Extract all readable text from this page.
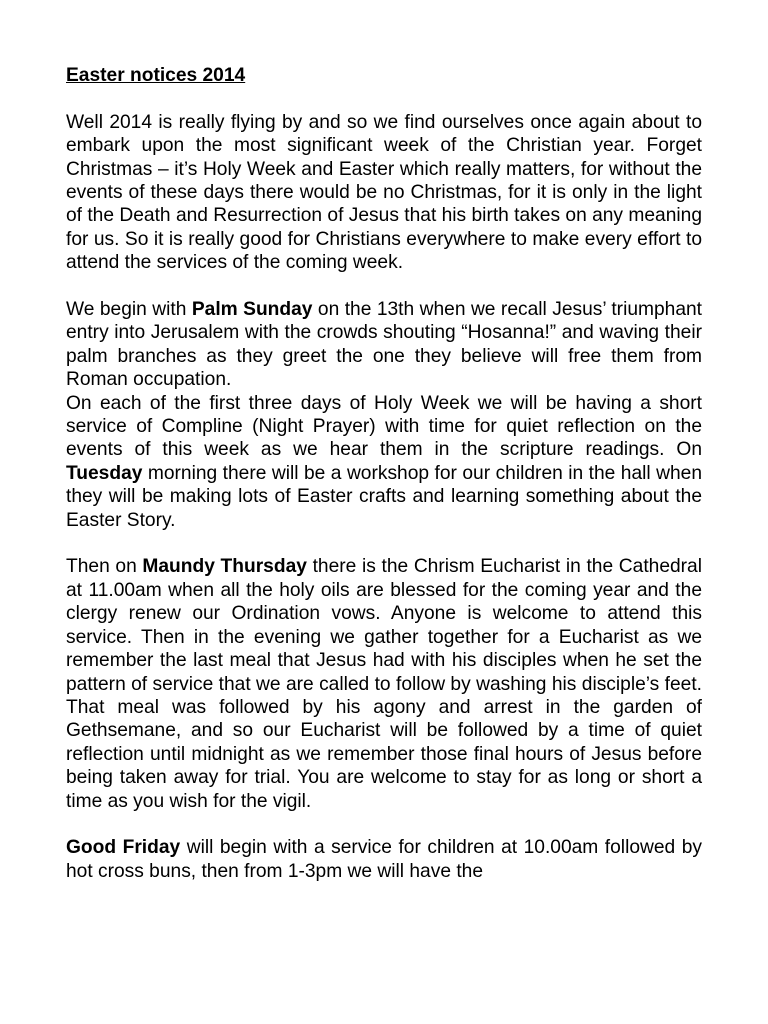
Easter notices 2014

Well 2014 is really flying by and so we find ourselves once again about to embark upon the most significant week of the Christian year. Forget Christmas – it’s Holy Week and Easter which really matters, for without the events of these days there would be no Christmas, for it is only in the light of the Death and Resurrection of Jesus that his birth takes on any meaning for us. So it is really good for Christians everywhere to make every effort to attend the services of the coming week.

We begin with Palm Sunday on the 13th when we recall Jesus’ triumphant entry into Jerusalem with the crowds shouting “Hosanna!” and waving their palm branches as they greet the one they believe will free them from Roman occupation.

On each of the first three days of Holy Week we will be having a short service of Compline (Night Prayer) with time for quiet reflection on the events of this week as we hear them in the scripture readings. On Tuesday morning there will be a workshop for our children in the hall when they will be making lots of Easter crafts and learning something about the Easter Story.

Then on Maundy Thursday there is the Chrism Eucharist in the Cathedral at 11.00am when all the holy oils are blessed for the coming year and the clergy renew our Ordination vows. Anyone is welcome to attend this service. Then in the evening we gather together for a Eucharist as we remember the last meal that Jesus had with his disciples when he set the pattern of service that we are called to follow by washing his disciple’s feet. That meal was followed by his agony and arrest in the garden of Gethsemane, and so our Eucharist will be followed by a time of quiet reflection until midnight as we remember those final hours of Jesus before being taken away for trial. You are welcome to stay for as long or short a time as you wish for the vigil.

Good Friday will begin with a service for children at 10.00am followed by hot cross buns, then from 1-3pm we will have the
